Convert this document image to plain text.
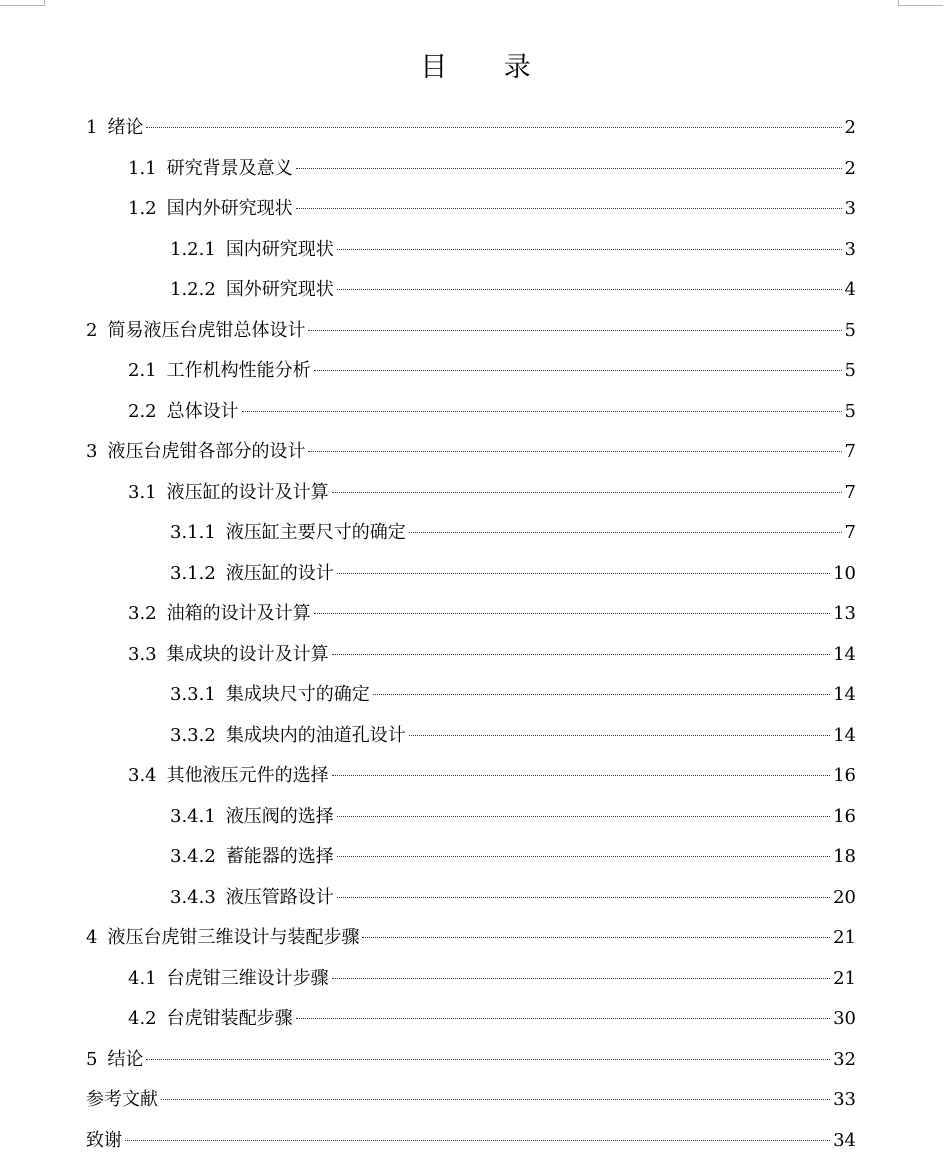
目 录
1 绪论	2
1.1 研究背景及意义	2
1.2 国内外研究现状	3
1.2.1 国内研究现状	3
1.2.2 国外研究现状	4
2 简易液压台虎钳总体设计	5
2.1 工作机构性能分析	5
2.2 总体设计	5
3 液压台虎钳各部分的设计	7
3.1 液压缸的设计及计算	7
3.1.1 液压缸主要尺寸的确定	7
3.1.2 液压缸的设计	10
3.2 油箱的设计及计算	13
3.3 集成块的设计及计算	14
3.3.1 集成块尺寸的确定	14
3.3.2 集成块内的油道孔设计	14
3.4 其他液压元件的选择	16
3.4.1 液压阀的选择	16
3.4.2 蓄能器的选择	18
3.4.3 液压管路设计	20
4 液压台虎钳三维设计与装配步骤	21
4.1 台虎钳三维设计步骤	21
4.2 台虎钳装配步骤	30
5 结论	32
参考文献	33
致谢	34
